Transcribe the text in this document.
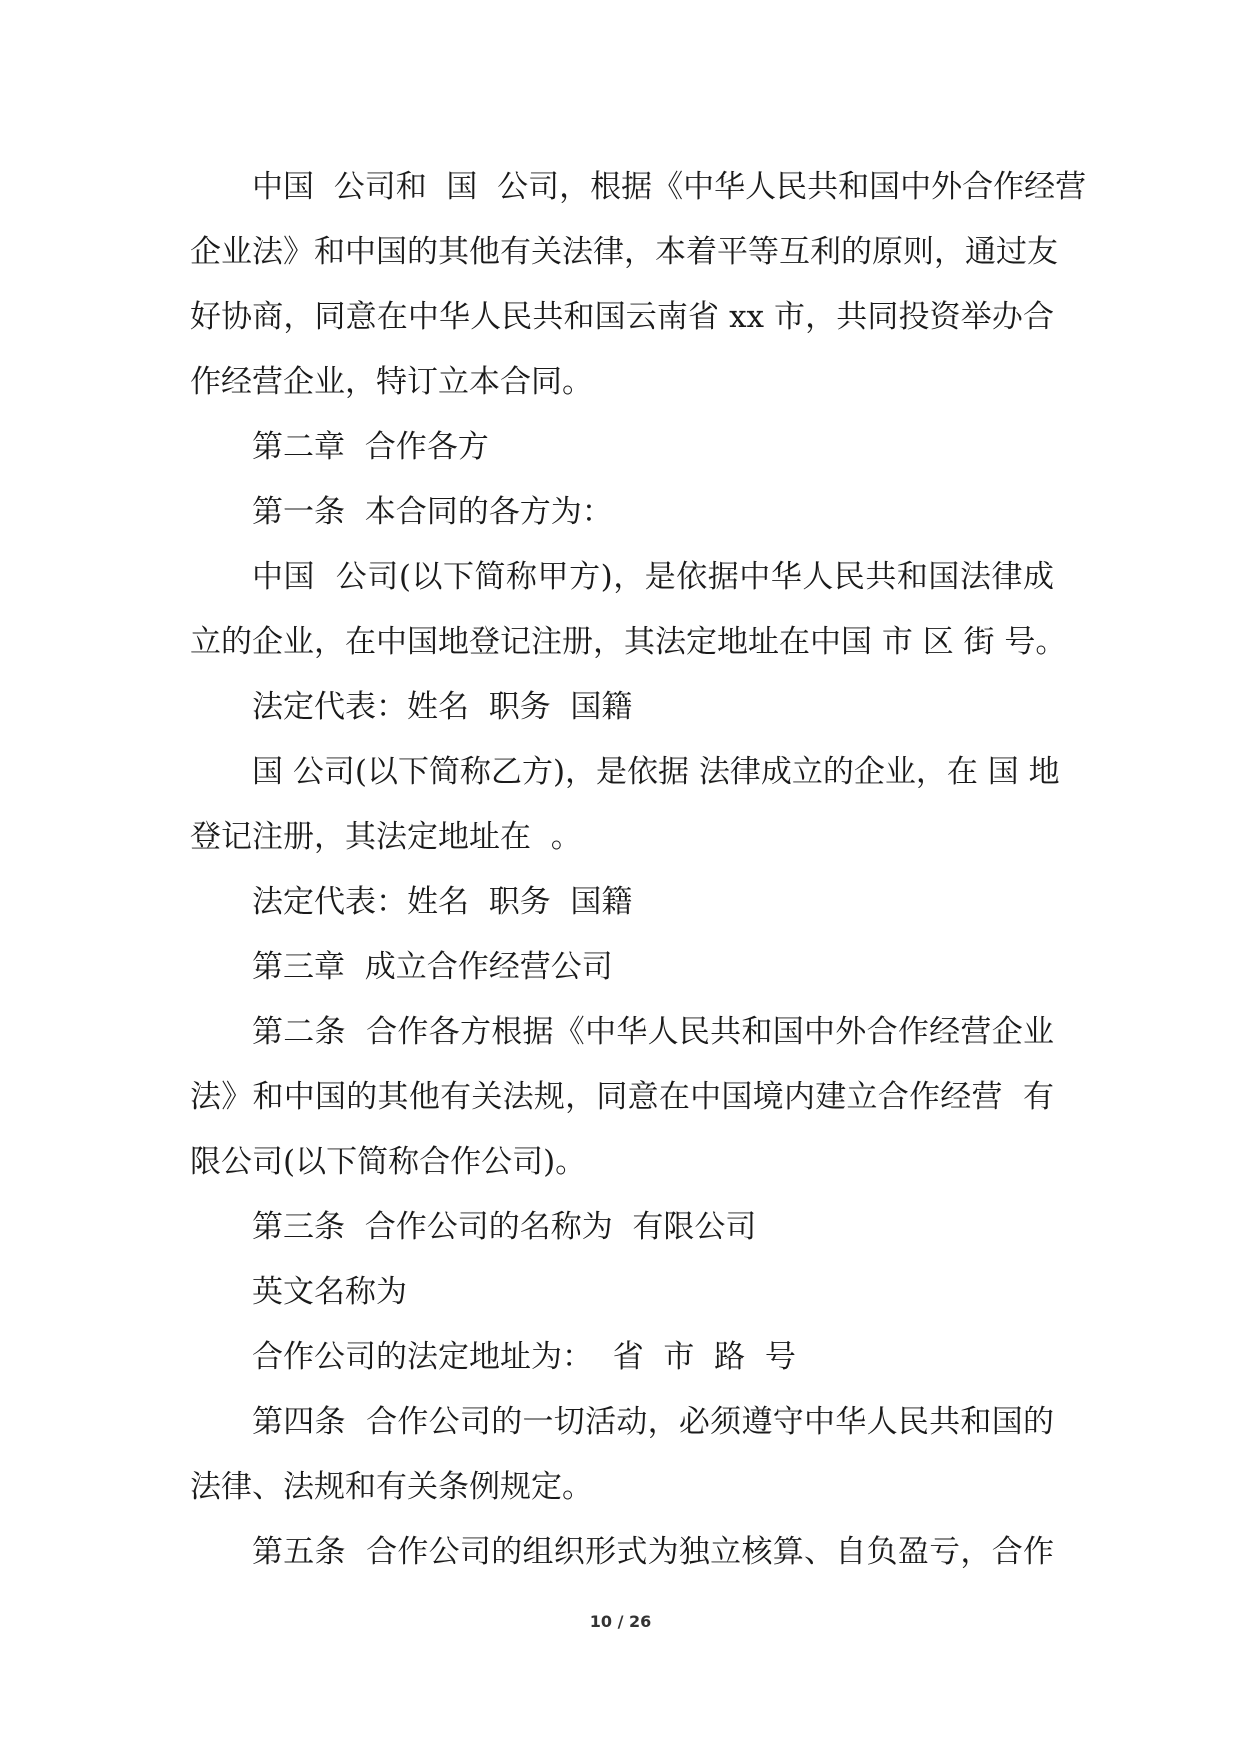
中国  公司和  国  公司，根据《中华人民共和国中外合作经营
企业法》和中国的其他有关法律，本着平等互利的原则，通过友
好协商，同意在中华人民共和国云南省 xx 市，共同投资举办合
作经营企业，特订立本合同。
第二章  合作各方
第一条  本合同的各方为：
中国  公司(以下简称甲方)，是依据中华人民共和国法律成
立的企业，在中国地登记注册，其法定地址在中国 市 区 街 号。
法定代表：姓名  职务  国籍
国 公司(以下简称乙方)，是依据 法律成立的企业，在 国 地
登记注册，其法定地址在  。
法定代表：姓名  职务  国籍
第三章  成立合作经营公司
第二条  合作各方根据《中华人民共和国中外合作经营企业
法》和中国的其他有关法规，同意在中国境内建立合作经营  有
限公司(以下简称合作公司)。
第三条  合作公司的名称为  有限公司
英文名称为
合作公司的法定地址为：  省  市  路  号
第四条  合作公司的一切活动，必须遵守中华人民共和国的
法律、法规和有关条例规定。
第五条  合作公司的组织形式为独立核算、自负盈亏，合作
10 / 26
